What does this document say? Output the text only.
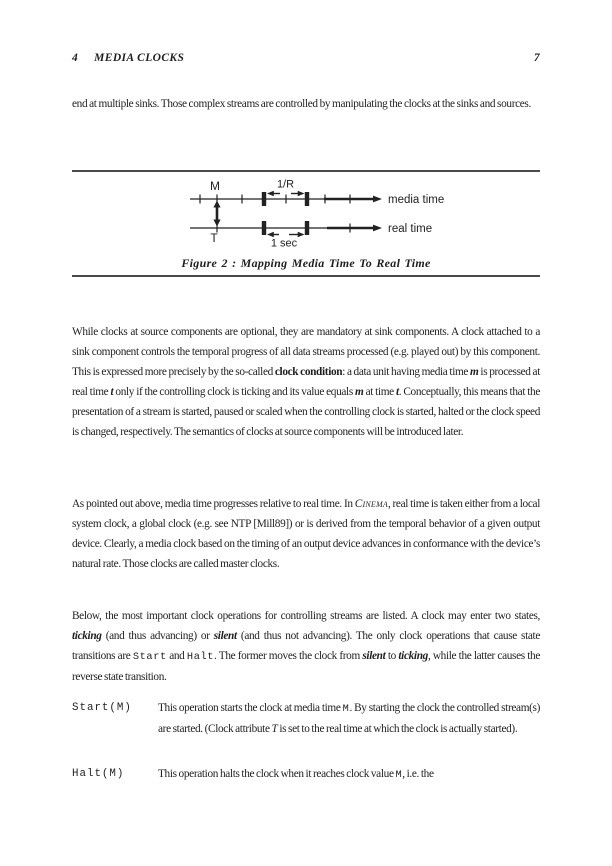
4 MEDIA CLOCKS	7

end at multiple sinks. Those complex streams are controlled by manipulating the clocks at the sinks and sources.

M
media time
1/R
T
real time
1 sec
Figure 2 : Mapping Media Time To Real Time

While clocks at source components are optional, they are mandatory at sink components. A clock attached to a sink component controls the temporal progress of all data streams processed (e.g. played out) by this component. This is expressed more precisely by the so-called clock condition: a data unit having media time m is processed at real time t only if the controlling clock is ticking and its value equals m at time t. Conceptually, this means that the presentation of a stream is started, paused or scaled when the controlling clock is started, halted or the clock speed is changed, respectively. The semantics of clocks at source components will be introduced later.

As pointed out above, media time progresses relative to real time. In Cinema, real time is taken either from a local system clock, a global clock (e.g. see NTP [Mill89]) or is derived from the temporal behavior of a given output device. Clearly, a media clock based on the timing of an output device advances in conformance with the device’s natural rate. Those clocks are called master clocks.

Below, the most important clock operations for controlling streams are listed. A clock may enter two states, ticking (and thus advancing) or silent (and thus not advancing). The only clock operations that cause state transitions are Start and Halt. The former moves the clock from silent to ticking, while the latter causes the reverse state transition.

Start(M)	This operation starts the clock at media time M. By starting the clock the controlled stream(s) are started. (Clock attribute T is set to the real time at which the clock is actually started).
Halt(M)	This operation halts the clock when it reaches clock value M, i.e. the
